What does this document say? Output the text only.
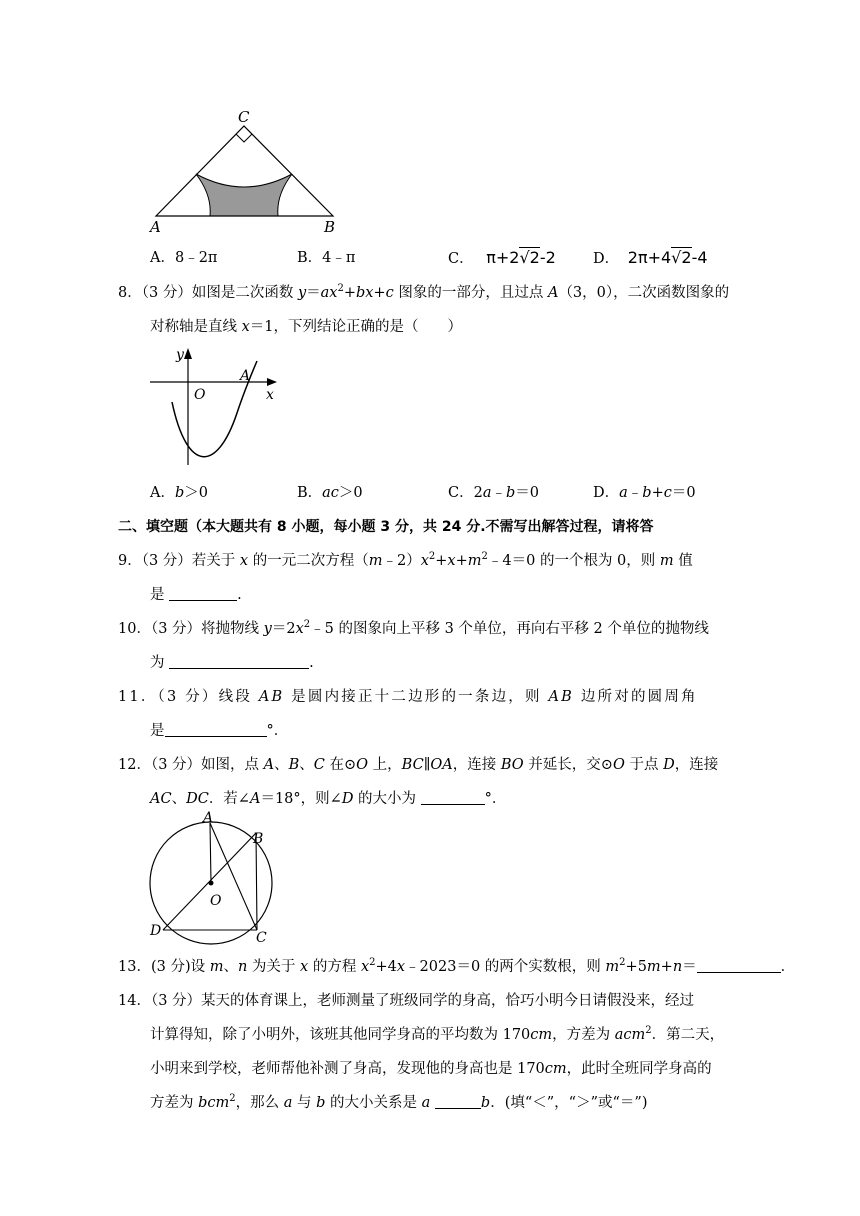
C
A	B
A．8﹣2π	B．4﹣π	C． π+2√2-2	D． 2π+4√2-4
8．（3 分）如图是二次函数 $y=ax^2+bx+c$ 图象的一部分，且过点 A（3，0），二次函数图象的
对称轴是直线 x＝1，下列结论正确的是（　　）
y
x
O
A
A．b＞0	B．ac＞0	C．2a﹣b＝0	D．a﹣b+c＝0
二、填空题（本大题共有 8 小题，每小题 3 分，共 24 分.不需写出解答过程，请将答
9．（3 分）若关于 x 的一元二次方程$(m﹣2)x^2+x+m^2﹣4=0$ 的一个根为 0，则 m 值
是	.
10．（3 分）将抛物线 $y=2x^2﹣5$ 的图象向上平移 3 个单位，再向右平移 2 个单位的抛物线
为	.
11．（3 分）线段 AB 是圆内接正十二边形的一条边，则 AB 边所对的圆周角
是	°．
12．（3 分）如图，点 A、B、C 在⊙O 上，BC∥OA，连接 BO 并延长，交⊙O 于点 D，连接
AC、DC．若∠A＝18°，则∠D 的大小为	°．
A
B
O
D	C
13．(3 分)设 m、n 为关于 x 的方程 $x^2+4x﹣2023=0$ 的两个实数根，则 $m^2+5m+n=$	．
14．（3 分）某天的体育课上，老师测量了班级同学的身高，恰巧小明今日请假没来，经过
计算得知，除了小明外，该班其他同学身高的平均数为 170cm，方差为 acm$^2$．第二天，
小明来到学校，老师帮他补测了身高，发现他的身高也是 170cm，此时全班同学身高的
方差为 bcm$^2$，那么 a 与 b 的大小关系是 a	b．(填“＜”，“＞”或“＝”)
